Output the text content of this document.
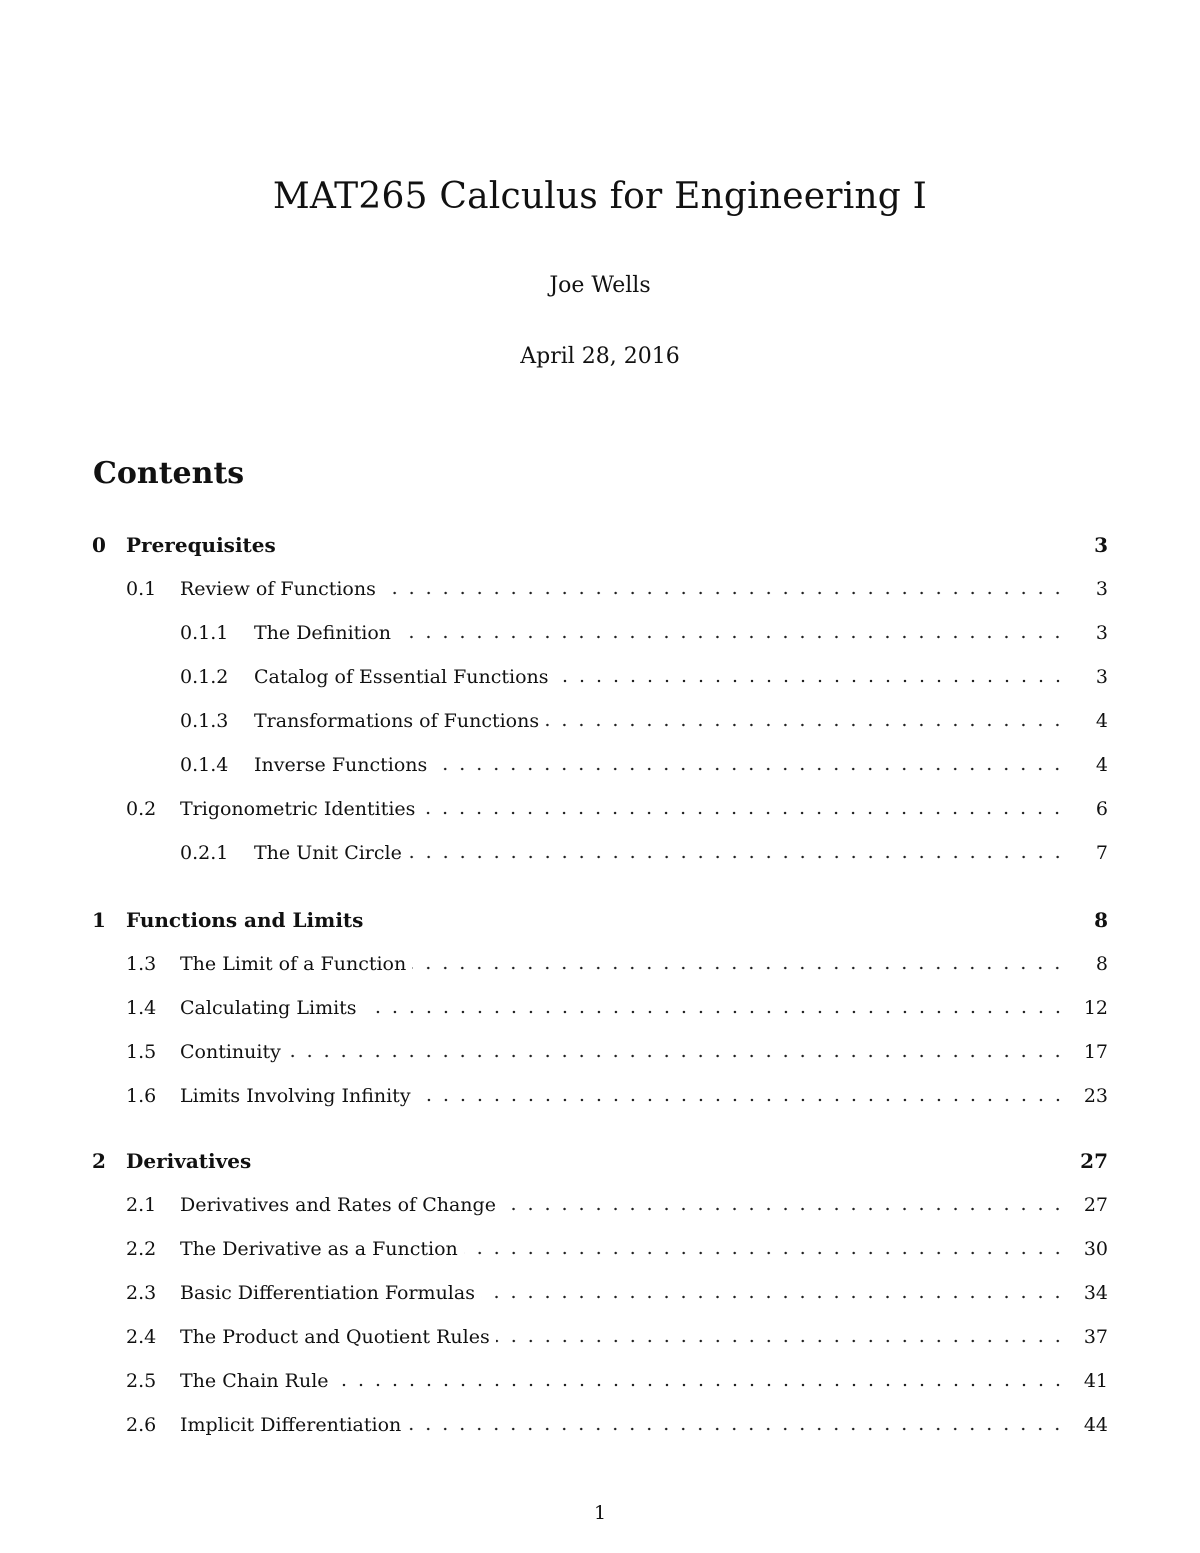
MAT265 Calculus for Engineering I
Joe Wells
April 28, 2016
Contents
0 Prerequisites	3
0.1 Review of Functions	3
0.1.1 The Definition	3
0.1.2 Catalog of Essential Functions	3
0.1.3 Transformations of Functions	4
0.1.4 Inverse Functions	4
0.2 Trigonometric Identities	6
0.2.1 The Unit Circle	7
1 Functions and Limits	8
1.3 The Limit of a Function	8
1.4 Calculating Limits	12
1.5 Continuity	17
1.6 Limits Involving Infinity	23
2 Derivatives	27
2.1 Derivatives and Rates of Change	27
2.2 The Derivative as a Function	30
2.3 Basic Differentiation Formulas	34
2.4 The Product and Quotient Rules	37
2.5 The Chain Rule	41
2.6 Implicit Differentiation	44
1
